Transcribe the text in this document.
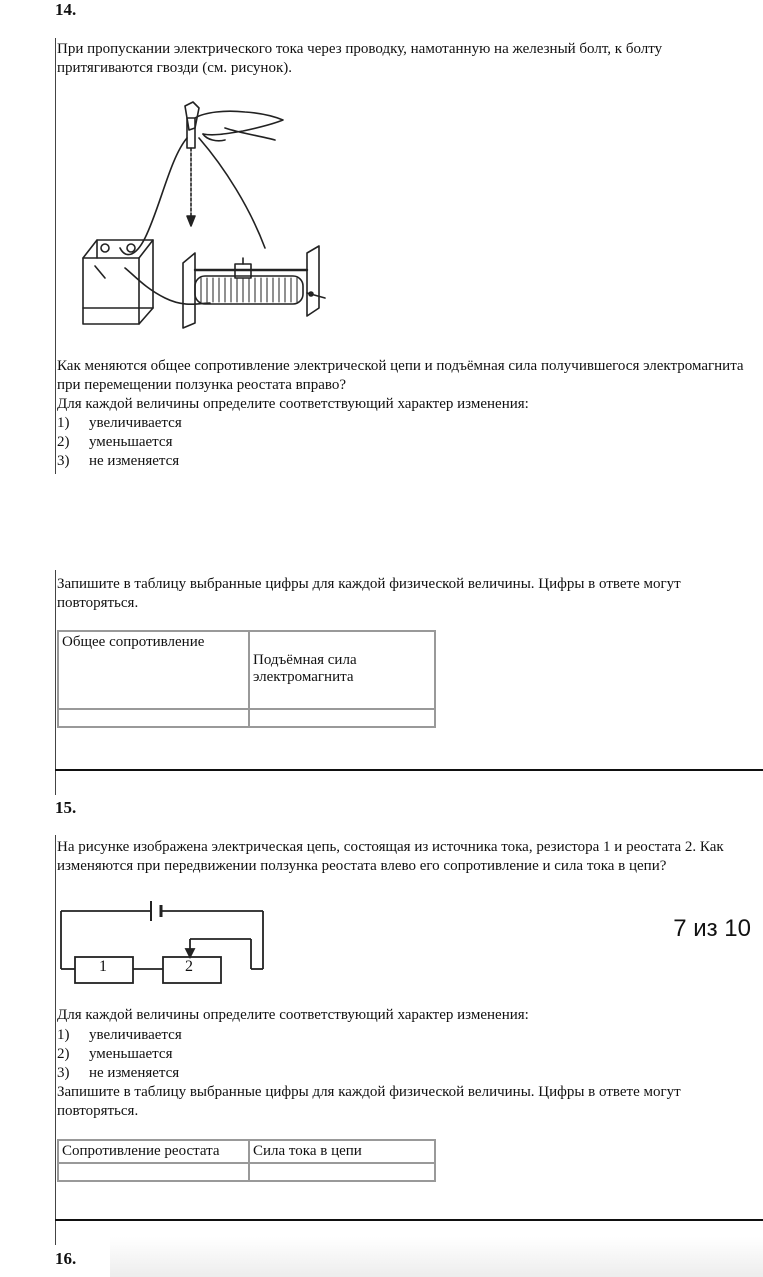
14.
При пропускании электрического тока через проводку, намотанную на железный болт, к болту притягиваются гвозди (см. рисунок).
Как меняются общее сопротивление электрической цепи и подъёмная сила получившегося электромагнита при перемещении ползунка реостата вправо?
Для каждой величины определите соответствующий характер изменения:
1) увеличивается
2) уменьшается
3) не изменяется
Запишите в таблицу выбранные цифры для каждой физической величины. Цифры в ответе могут повторяться.
Общее сопротивление	Подъёмная сила электромагнита

15.
На рисунке изображена электрическая цепь, состоящая из источника тока, резистора 1 и реостата 2. Как изменяются при передвижении ползунка реостата влево его сопротивление и сила тока в цепи?
1	2
7 из 10
Для каждой величины определите соответствующий характер изменения:
1) увеличивается
2) уменьшается
3) не изменяется
Запишите в таблицу выбранные цифры для каждой физической величины. Цифры в ответе могут повторяться.
Сопротивление реостата	Сила тока в цепи

16.
